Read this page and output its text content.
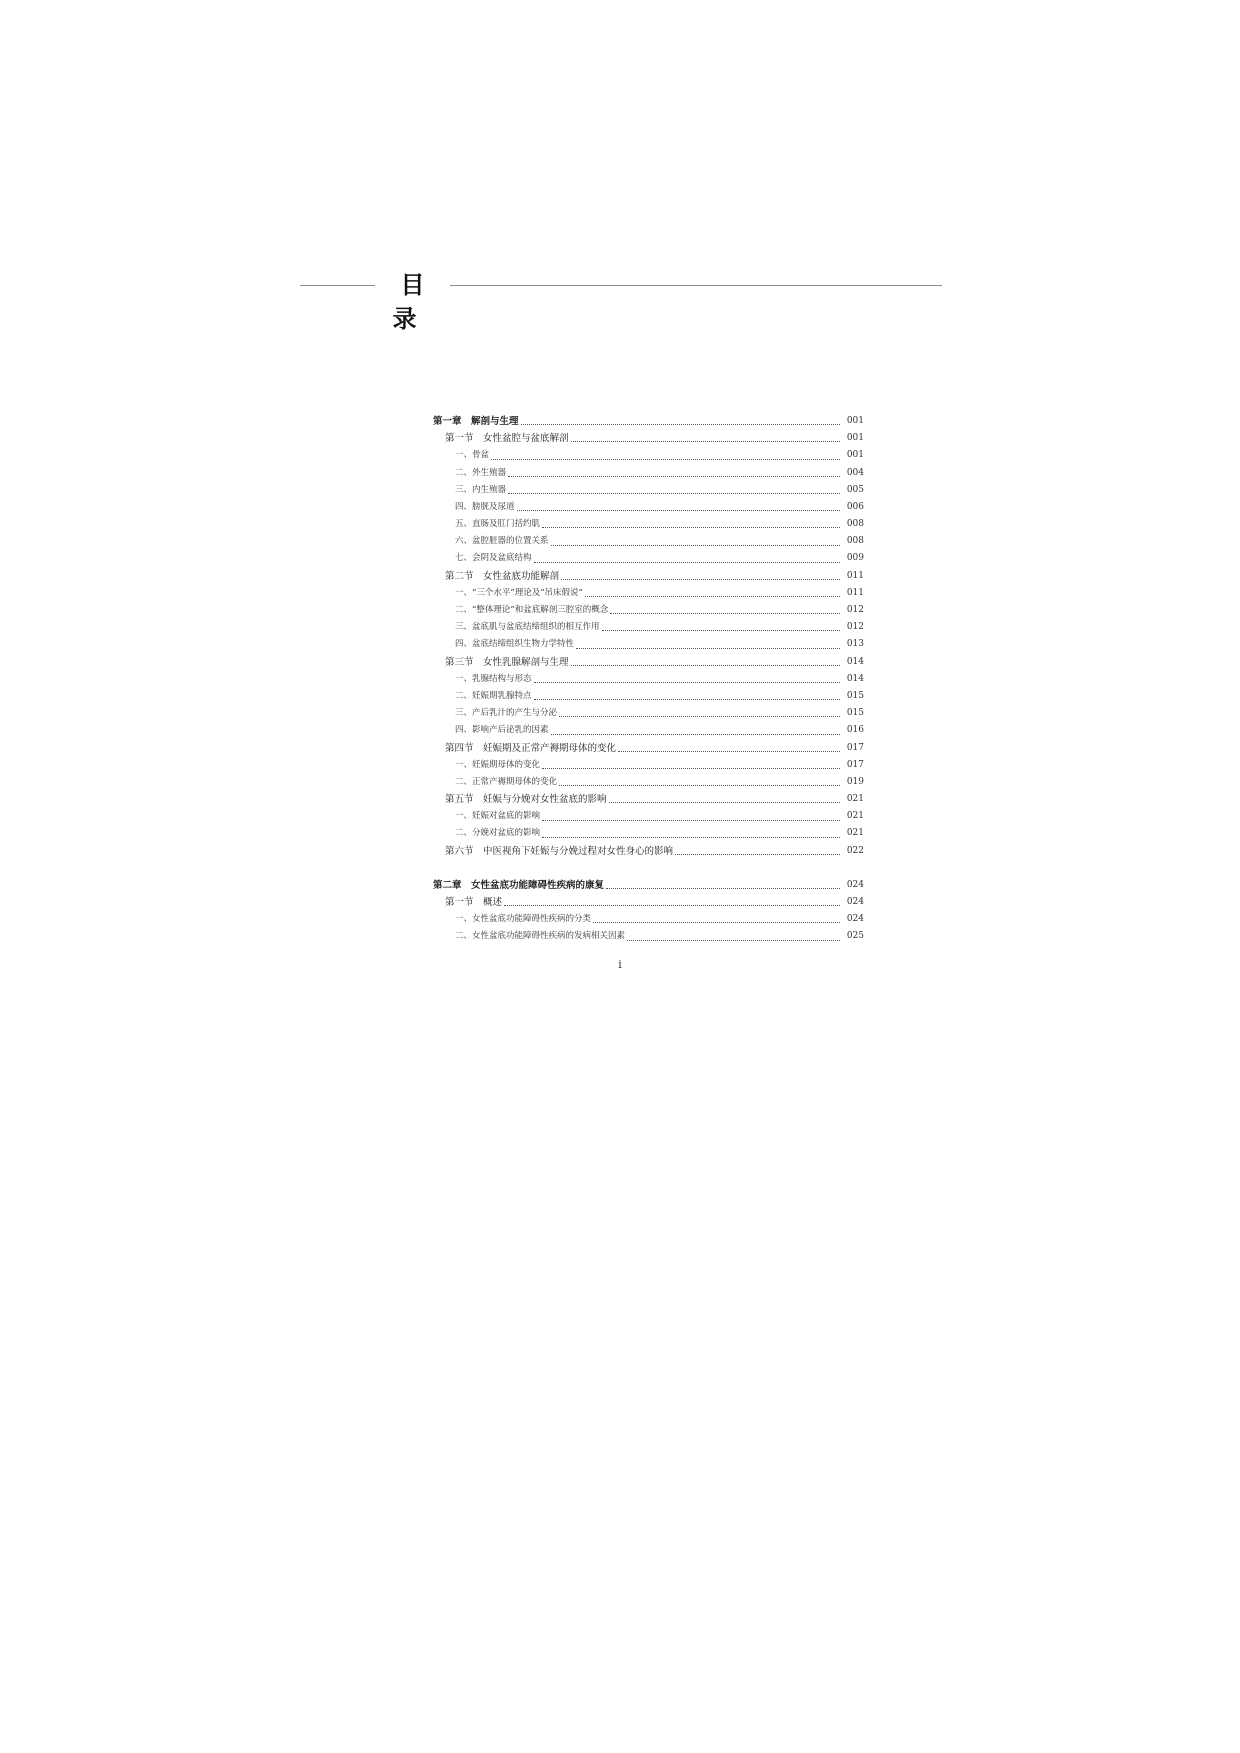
目 录
第一章　解剖与生理	001
第一节　女性盆腔与盆底解剖	001
一、骨盆	001
二、外生殖器	004
三、内生殖器	005
四、膀胱及尿道	006
五、直肠及肛门括约肌	008
六、盆腔脏器的位置关系	008
七、会阴及盆底结构	009
第二节　女性盆底功能解剖	011
一、“三个水平”理论及“吊床假说”	011
二、“整体理论”和盆底解剖三腔室的概念	012
三、盆底肌与盆底结缔组织的相互作用	012
四、盆底结缔组织生物力学特性	013
第三节　女性乳腺解剖与生理	014
一、乳腺结构与形态	014
二、妊娠期乳腺特点	015
三、产后乳汁的产生与分泌	015
四、影响产后泌乳的因素	016
第四节　妊娠期及正常产褥期母体的变化	017
一、妊娠期母体的变化	017
二、正常产褥期母体的变化	019
第五节　妊娠与分娩对女性盆底的影响	021
一、妊娠对盆底的影响	021
二、分娩对盆底的影响	021
第六节　中医视角下妊娠与分娩过程对女性身心的影响	022
第二章　女性盆底功能障碍性疾病的康复	024
第一节　概述	024
一、女性盆底功能障碍性疾病的分类	024
二、女性盆底功能障碍性疾病的发病相关因素	025
i
